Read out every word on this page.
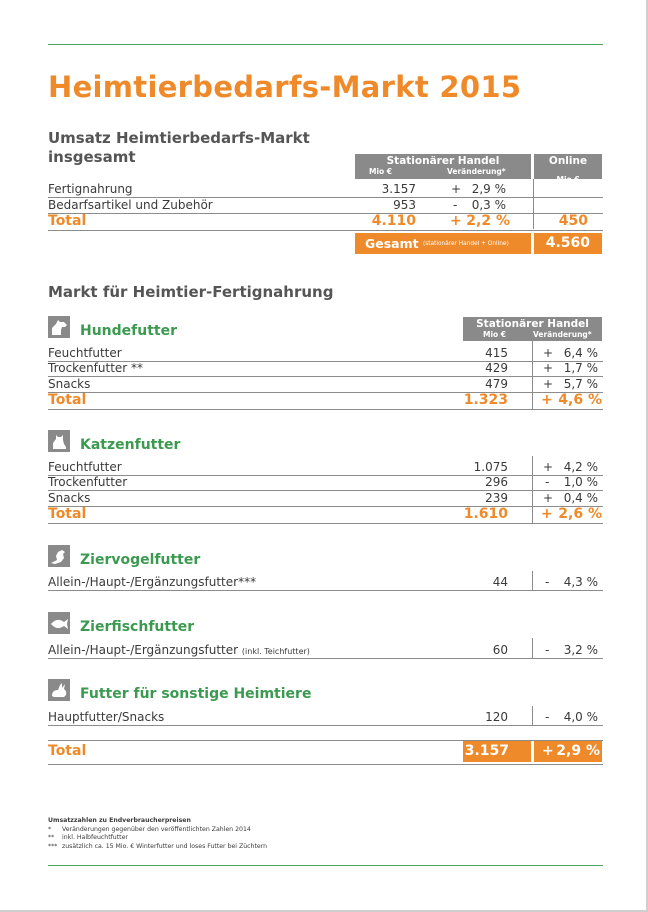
Heimtierbedarfs-Markt 2015
Umsatz Heimtierbedarfs-Markt
insgesamt	Stationärer Handel
Mio €	Veränderung*
Online
Mio €
Fertignahrung	3.157	+ 2,9 %
Bedarfsartikel und Zubehör	953	-	0,3 %
Total	4.110 + 2,2 %	450
Gesamt (stationärer Handel + Online)	4.560
Markt für Heimtier-Fertignahrung
Hundefutter	Stationärer Handel
Mio €	Veränderung*
Feuchtfutter	415	+ 6,4 %
Trockenfutter **	429	+ 1,7 %
Snacks	479	+ 5,7 %
Total	1.323 + 4,6 %
Katzenfutter
Feuchtfutter	1.075	+ 4,2 %
Trockenfutter	296	-	1,0 %
Snacks	239	+ 0,4 %
Total	1.610 + 2,6 %
Ziervogelfutter
Allein-/Haupt-/Ergänzungsfutter***	44	-	4,3 %
Zierfischfutter
Allein-/Haupt-/Ergänzungsfutter (inkl. Teichfutter)	60	-	3,2 %
Futter für sonstige Heimtiere
Hauptfutter/Snacks	120	-	4,0 %
Total	3.157 + 2,9 %
Umsatzzahlen zu Endverbraucherpreisen
* Veränderungen gegenüber den veröffentlichten Zahlen 2014
** inkl. Halbfeuchtfutter
*** zusätzlich ca. 15 Mio. € Winterfutter und loses Futter bei Züchtern
